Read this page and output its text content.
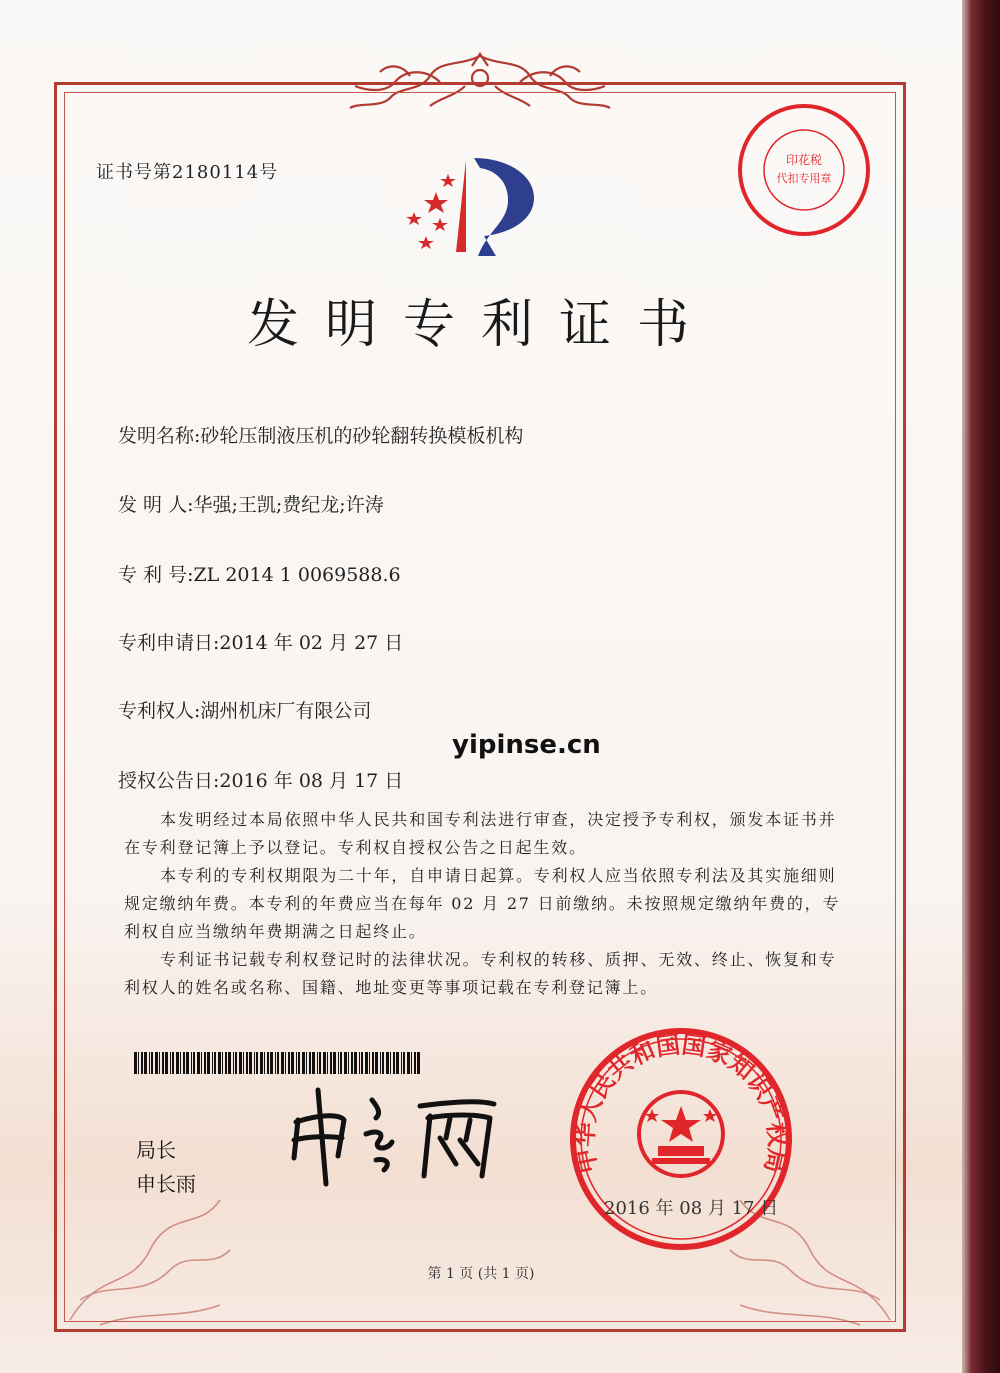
证书号第2180114号
印花税
代扣专用章
发明专利证书
发明名称:砂轮压制液压机的砂轮翻转换模板机构
发 明 人:华强;王凯;费纪龙;许涛
专 利 号:ZL 2014 1 0069588.6
专利申请日:2014 年 02 月 27 日
专利权人:湖州机床厂有限公司
授权公告日:2016 年 08 月 17 日
yipinse.cn
本发明经过本局依照中华人民共和国专利法进行审查，决定授予专利权，颁发本证书并在专利登记簿上予以登记。专利权自授权公告之日起生效。
本专利的专利权期限为二十年，自申请日起算。专利权人应当依照专利法及其实施细则规定缴纳年费。本专利的年费应当在每年 02 月 27 日前缴纳。未按照规定缴纳年费的，专利权自应当缴纳年费期满之日起终止。
专利证书记载专利权登记时的法律状况。专利权的转移、质押、无效、终止、恢复和专利权人的姓名或名称、国籍、地址变更等事项记载在专利登记簿上。
局长
申长雨
中华人民共和国国家知识产权局
2016 年 08 月 17 日
第 1 页 (共 1 页)
